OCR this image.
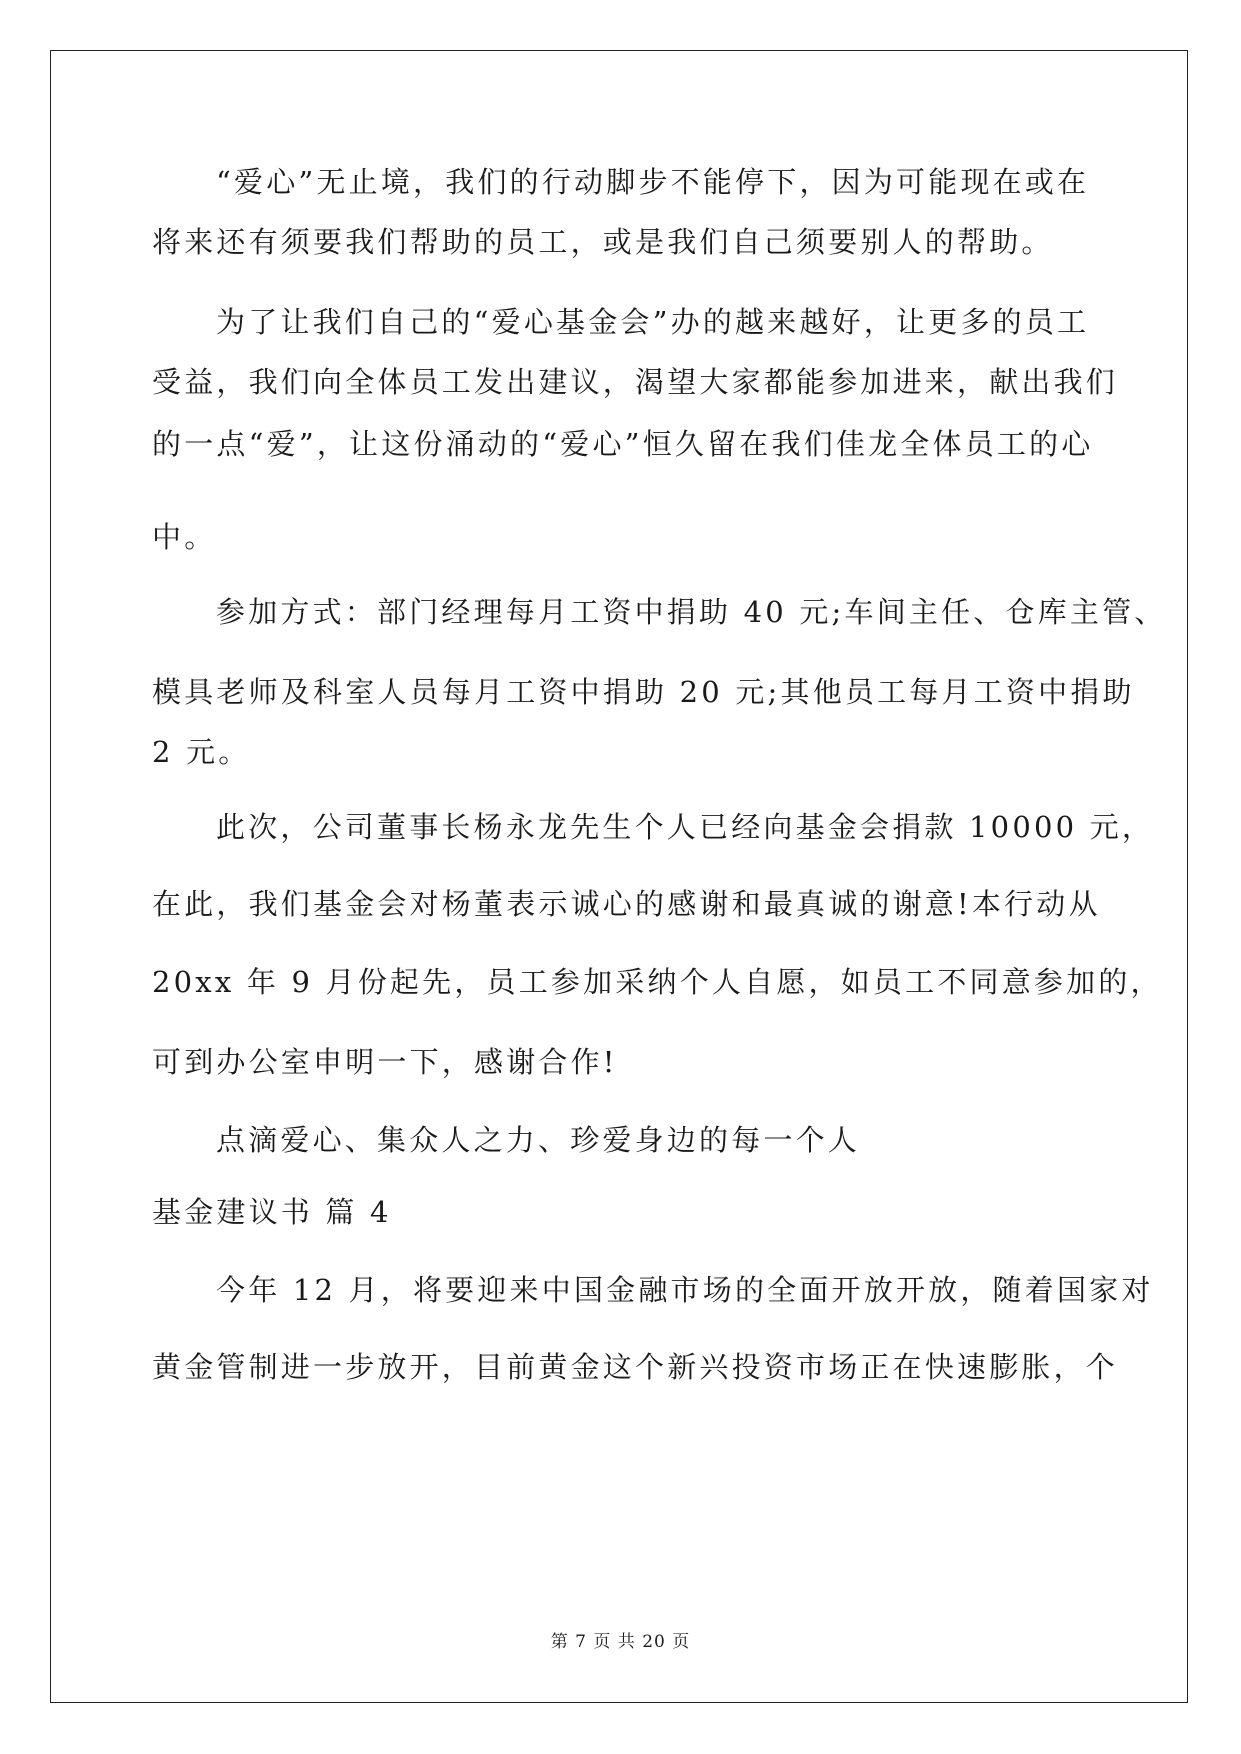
“爱心”无止境，我们的行动脚步不能停下，因为可能现在或在
将来还有须要我们帮助的员工，或是我们自己须要别人的帮助。
为了让我们自己的“爱心基金会”办的越来越好，让更多的员工
受益，我们向全体员工发出建议，渴望大家都能参加进来，献出我们
的一点“爱”，让这份涌动的“爱心”恒久留在我们佳龙全体员工的心
中。
参加方式：部门经理每月工资中捐助 40 元;车间主任、仓库主管、
模具老师及科室人员每月工资中捐助 20 元;其他员工每月工资中捐助
2 元。
此次，公司董事长杨永龙先生个人已经向基金会捐款 10000 元，
在此，我们基金会对杨董表示诚心的感谢和最真诚的谢意!本行动从
20xx 年 9 月份起先，员工参加采纳个人自愿，如员工不同意参加的，
可到办公室申明一下，感谢合作!
点滴爱心、集众人之力、珍爱身边的每一个人
基金建议书 篇 4
今年 12 月，将要迎来中国金融市场的全面开放开放，随着国家对
黄金管制进一步放开，目前黄金这个新兴投资市场正在快速膨胀，个
第 7 页 共 20 页
